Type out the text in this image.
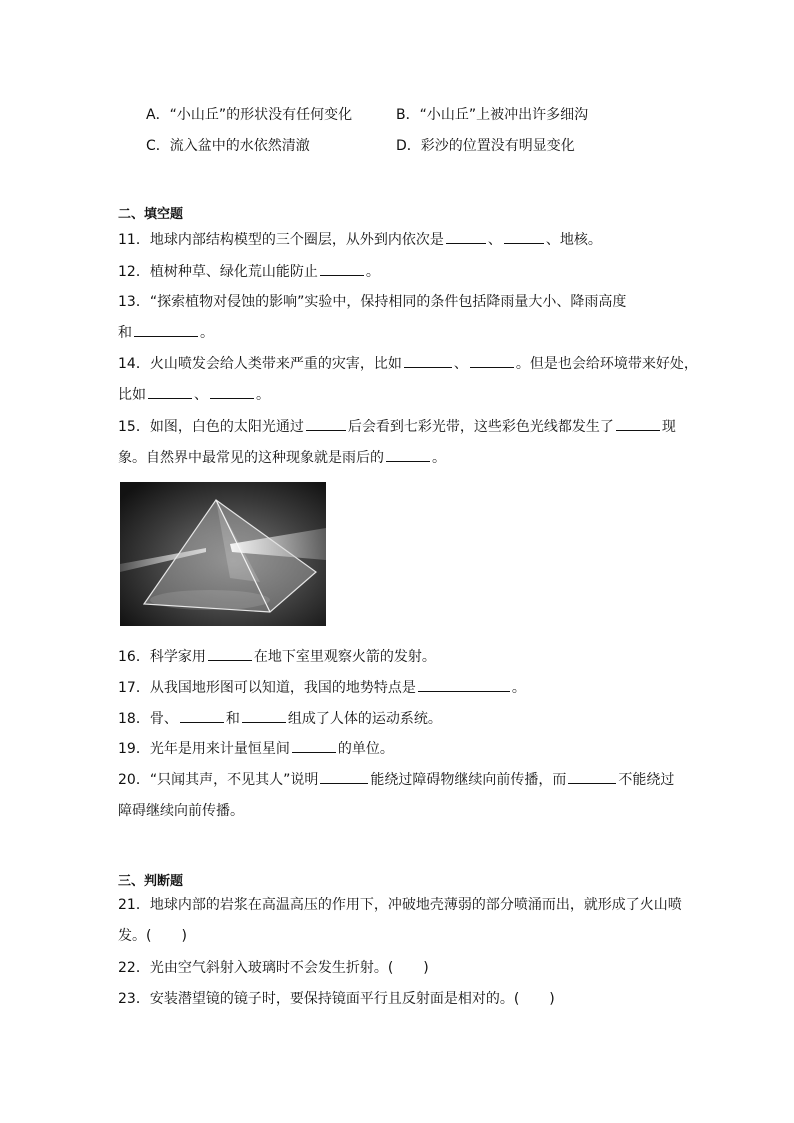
A．“小山丘”的形状没有任何变化	B．“小山丘”上被冲出许多细沟
C．流入盆中的水依然清澈	D．彩沙的位置没有明显变化
二、填空题
11．地球内部结构模型的三个圈层，从外到内依次是	、	、地核。
12．植树种草、绿化荒山能防止	。
13．“探索植物对侵蚀的影响”实验中，保持相同的条件包括降雨量大小、降雨高度
和	。
14．火山喷发会给人类带来严重的灾害，比如	、	。但是也会给环境带来好处，
比如	、	。
15．如图，白色的太阳光通过	后会看到七彩光带，这些彩色光线都发生了	现
象。自然界中最常见的这种现象就是雨后的	。
16．科学家用	在地下室里观察火箭的发射。
17．从我国地形图可以知道，我国的地势特点是	。
18．骨、	和	组成了人体的运动系统。
19．光年是用来计量恒星间	的单位。
20．“只闻其声，不见其人”说明	能绕过障碍物继续向前传播，而	不能绕过
障碍继续向前传播。
三、判断题
21．地球内部的岩浆在高温高压的作用下，冲破地壳薄弱的部分喷涌而出，就形成了火山喷
发。( )
22．光由空气斜射入玻璃时不会发生折射。( )
23．安装潜望镜的镜子时，要保持镜面平行且反射面是相对的。( )
